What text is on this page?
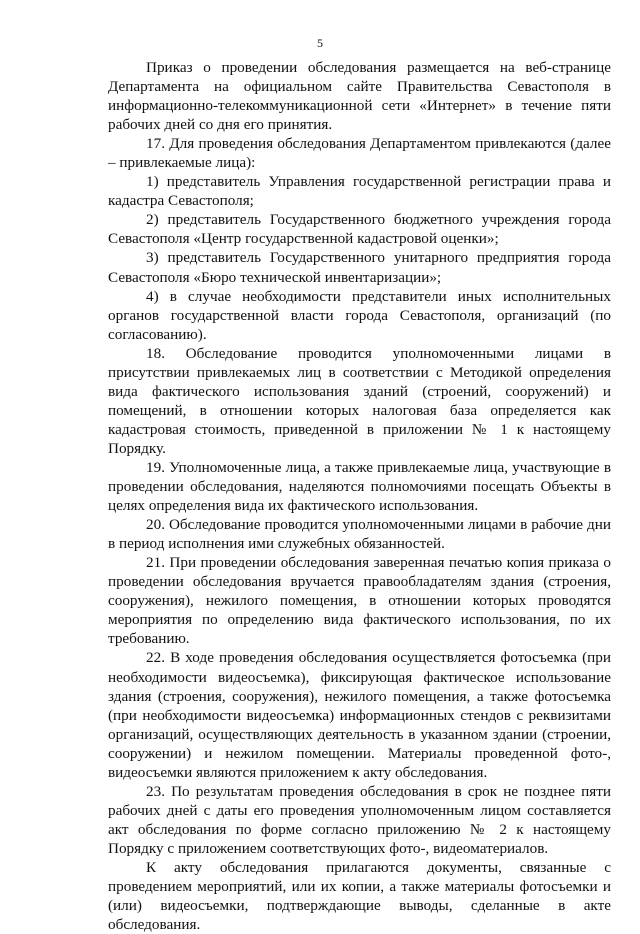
5

Приказ о проведении обследования размещается на веб-странице Департамента на официальном сайте Правительства Севастополя в информационно-телекоммуникационной сети «Интернет» в течение пяти рабочих дней со дня его принятия.

17. Для проведения обследования Департаментом привлекаются (далее – привлекаемые лица):

1) представитель Управления государственной регистрации права и кадастра Севастополя;

2) представитель Государственного бюджетного учреждения города Севастополя «Центр государственной кадастровой оценки»;

3) представитель Государственного унитарного предприятия города Севастополя «Бюро технической инвентаризации»;

4) в случае необходимости представители иных исполнительных органов государственной власти города Севастополя, организаций (по согласованию).

18. Обследование проводится уполномоченными лицами в присутствии привлекаемых лиц в соответствии с Методикой определения вида фактического использования зданий (строений, сооружений) и помещений, в отношении которых налоговая база определяется как кадастровая стоимость, приведенной в приложении № 1 к настоящему Порядку.

19. Уполномоченные лица, а также привлекаемые лица, участвующие в проведении обследования, наделяются полномочиями посещать Объекты в целях определения вида их фактического использования.

20. Обследование проводится уполномоченными лицами в рабочие дни в период исполнения ими служебных обязанностей.

21. При проведении обследования заверенная печатью копия приказа о проведении обследования вручается правообладателям здания (строения, сооружения), нежилого помещения, в отношении которых проводятся мероприятия по определению вида фактического использования, по их требованию.

22. В ходе проведения обследования осуществляется фотосъемка (при необходимости видеосъемка), фиксирующая фактическое использование здания (строения, сооружения), нежилого помещения, а также фотосъемка (при необходимости видеосъемка) информационных стендов с реквизитами организаций, осуществляющих деятельность в указанном здании (строении, сооружении) и нежилом помещении. Материалы проведенной фото-, видеосъемки являются приложением к акту обследования.

23. По результатам проведения обследования в срок не позднее пяти рабочих дней с даты его проведения уполномоченным лицом составляется акт обследования по форме согласно приложению № 2 к настоящему Порядку с приложением соответствующих фото-, видеоматериалов.

К акту обследования прилагаются документы, связанные с проведением мероприятий, или их копии, а также материалы фотосъемки и (или) видеосъемки, подтверждающие выводы, сделанные в акте обследования.
